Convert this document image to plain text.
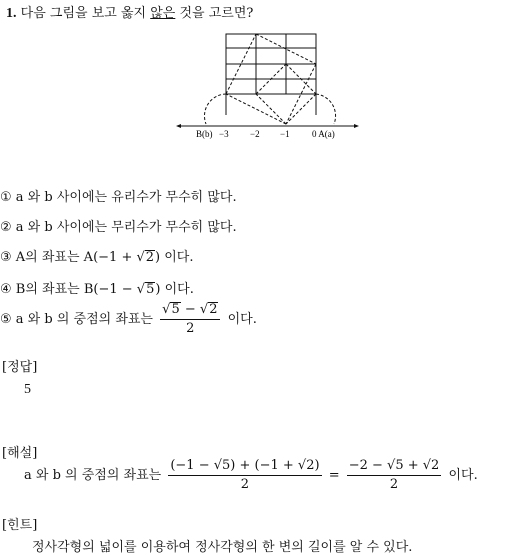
1. 다음 그림을 보고 옳지 않은 것을 고르면?
B(b) −3 −2 −1 0 A(a)
① a 와 b 사이에는 유리수가 무수히 많다.
② a 와 b 사이에는 무리수가 무수히 많다.
③ A의 좌표는 A(−1 + √2) 이다.
④ B의 좌표는 B(−1 − √5) 이다.
⑤ a 와 b 의 중점의 좌표는 $\frac{√5 - √2}{2}$ 이다.
[정답]
5
[해설]
a 와 b 의 중점의 좌표는 $\frac{(-1 - √5) + (-1 + √2)}{2} = \frac{-2 - √5 + √2}{2}$ 이다.
[힌트]
정사각형의 넓이를 이용하여 정사각형의 한 변의 길이를 알 수 있다.
